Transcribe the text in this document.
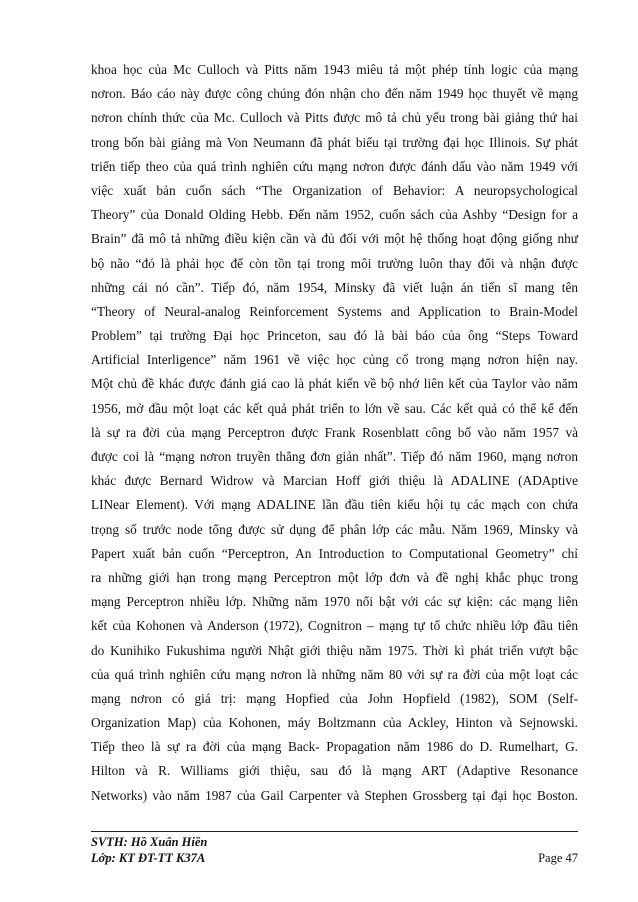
khoa học của Mc Culloch và Pitts năm 1943 miêu tả một phép tính logic của mạng
nơron. Báo cáo này được công chúng đón nhận cho đến năm 1949 học thuyết về mạng
nơron chính thức của Mc. Culloch và Pitts được mô tả chủ yếu trong bài giảng thứ hai
trong bốn bài giảng mà Von Neumann đã phát biểu tại trường đại học Illinois. Sự phát
triển tiếp theo của quá trình nghiên cứu mạng nơron được đánh dấu vào năm 1949 với
việc xuất bản cuốn sách “The Organization of Behavior: A neuropsychological
Theory” của Donald Olding Hebb. Đến năm 1952, cuốn sách của Ashby “Design for a
Brain” đã mô tả những điều kiện cần và đủ đối với một hệ thống hoạt động giống như
bộ não “đó là phải học để còn tồn tại trong môi trường luôn thay đổi và nhận được
những cái nó cần”. Tiếp đó, năm 1954, Minsky đã viết luận án tiến sĩ mang tên
“Theory of Neural-analog Reinforcement Systems and Application to Brain-Model
Problem” tại trường Đại học Princeton, sau đó là bài báo của ông “Steps Toward
Artificial Interligence” năm 1961 về việc học củng cố trong mạng nơron hiện nay.
Một chủ đề khác được đánh giá cao là phát kiến về bộ nhớ liên kết của Taylor vào năm
1956, mở đầu một loạt các kết quả phát triển to lớn về sau. Các kết quả có thể kể đến
là sự ra đời của mạng Perceptron được Frank Rosenblatt công bố vào năm 1957 và
được coi là “mạng nơron truyền thẳng đơn giản nhất”. Tiếp đó năm 1960, mạng nơron
khác được Bernard Widrow và Marcian Hoff giới thiệu là ADALINE (ADAptive
LINear Element). Với mạng ADALINE lần đầu tiên kiểu hội tụ các mạch con chứa
trọng số trước node tổng được sử dụng để phân lớp các mẫu. Năm 1969, Minsky và
Papert xuất bản cuốn “Perceptron, An Introduction to Computational Geometry” chỉ
ra những giới hạn trong mạng Perceptron một lớp đơn và đề nghị khắc phục trong
mạng Perceptron nhiều lớp. Những năm 1970 nổi bật với các sự kiện: các mạng liên
kết của Kohonen và Anderson (1972), Cognitron – mạng tự tổ chức nhiều lớp đầu tiên
do Kunihiko Fukushima người Nhật giới thiệu năm 1975. Thời kì phát triển vượt bậc
của quá trình nghiên cứu mạng nơron là những năm 80 với sự ra đời của một loạt các
mạng nơron có giá trị: mạng Hopfied của John Hopfield (1982), SOM (Self-
Organization Map) của Kohonen, máy Boltzmann của Ackley, Hinton và Sejnowski.
Tiếp theo là sự ra đời của mạng Back- Propagation năm 1986 do D. Rumelhart, G.
Hilton và R. Williams giới thiệu, sau đó là mạng ART (Adaptive Resonance
Networks) vào năm 1987 của Gail Carpenter và Stephen Grossberg tại đại học Boston.
SVTH: Hồ Xuân Hiền
Lớp: KT ĐT-TT K37A	Page 47
